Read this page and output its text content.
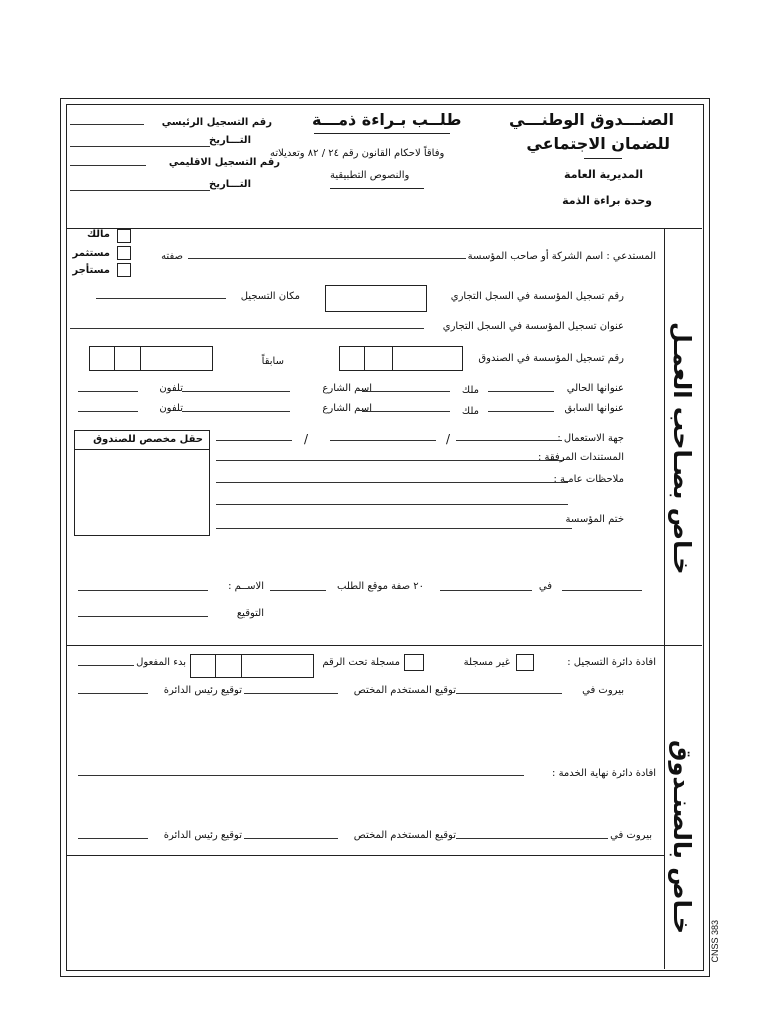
الصنـــدوق الوطنـــي
للضمان الاجتماعي
المديرية العامة
وحدة براءة الذمة
طلــب بـراءة ذمـــة
وفاقاً لاحكام القانون رقم ٢٤ / ٨٢ وتعديلاته
والنصوص التطبيقية
رقم التسجيل الرئيسي
التـــاريخ
رقم التسجيل الاقليمي
التـــاريخ
خـاص بصـاحب العمـل
خـاص بالصنـدوق
CNSS 383
المستدعي : اسم الشركة أو صاحب المؤسسة
صفته
مالك
مستثمر
مستأجر
رقم تسجيل المؤسسة في السجل التجاري
مكان التسجيل
عنوان تسجيل المؤسسة في السجل التجاري
رقم تسجيل المؤسسة في الصندوق
سابقاً
عنوانها الحالي
ملك
اسم الشارع
تلفون
عنوانها السابق
ملك
اسم الشارع
تلفون
حقل مخصص للصندوق	جهة الاستعمال :
/
/
المستندات المرفقة :
ملاحظات عامـة :
ختم المؤسسة
في
٢٠ صفة موقع الطلب
الاســم :
التوقيع
افادة دائرة التسجيل :
غير مسجلة
مسجلة تحت الرقم
بدء المفعول
بيروت في
توقيع المستخدم المختص
توقيع رئيس الدائرة
افادة دائرة نهاية الخدمة :
بيروت في
توقيع المستخدم المختص
توقيع رئيس الدائرة
